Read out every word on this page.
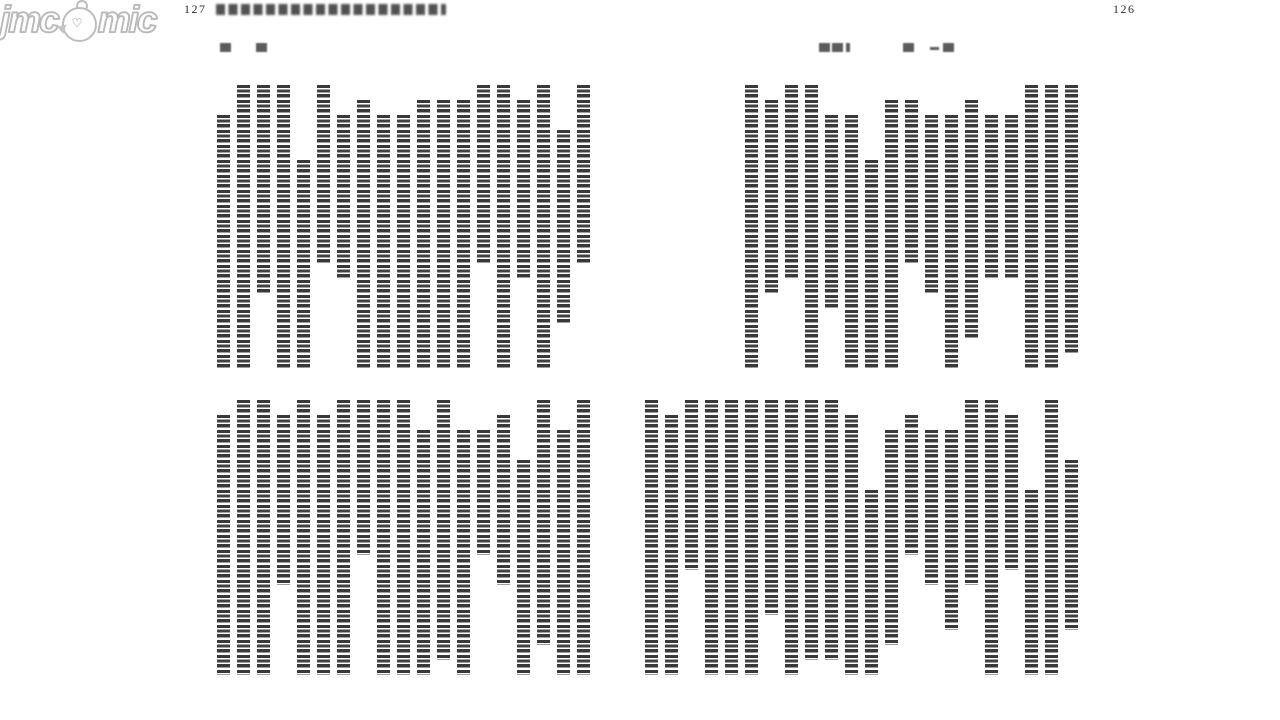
jmc ♡ mic 127	126
